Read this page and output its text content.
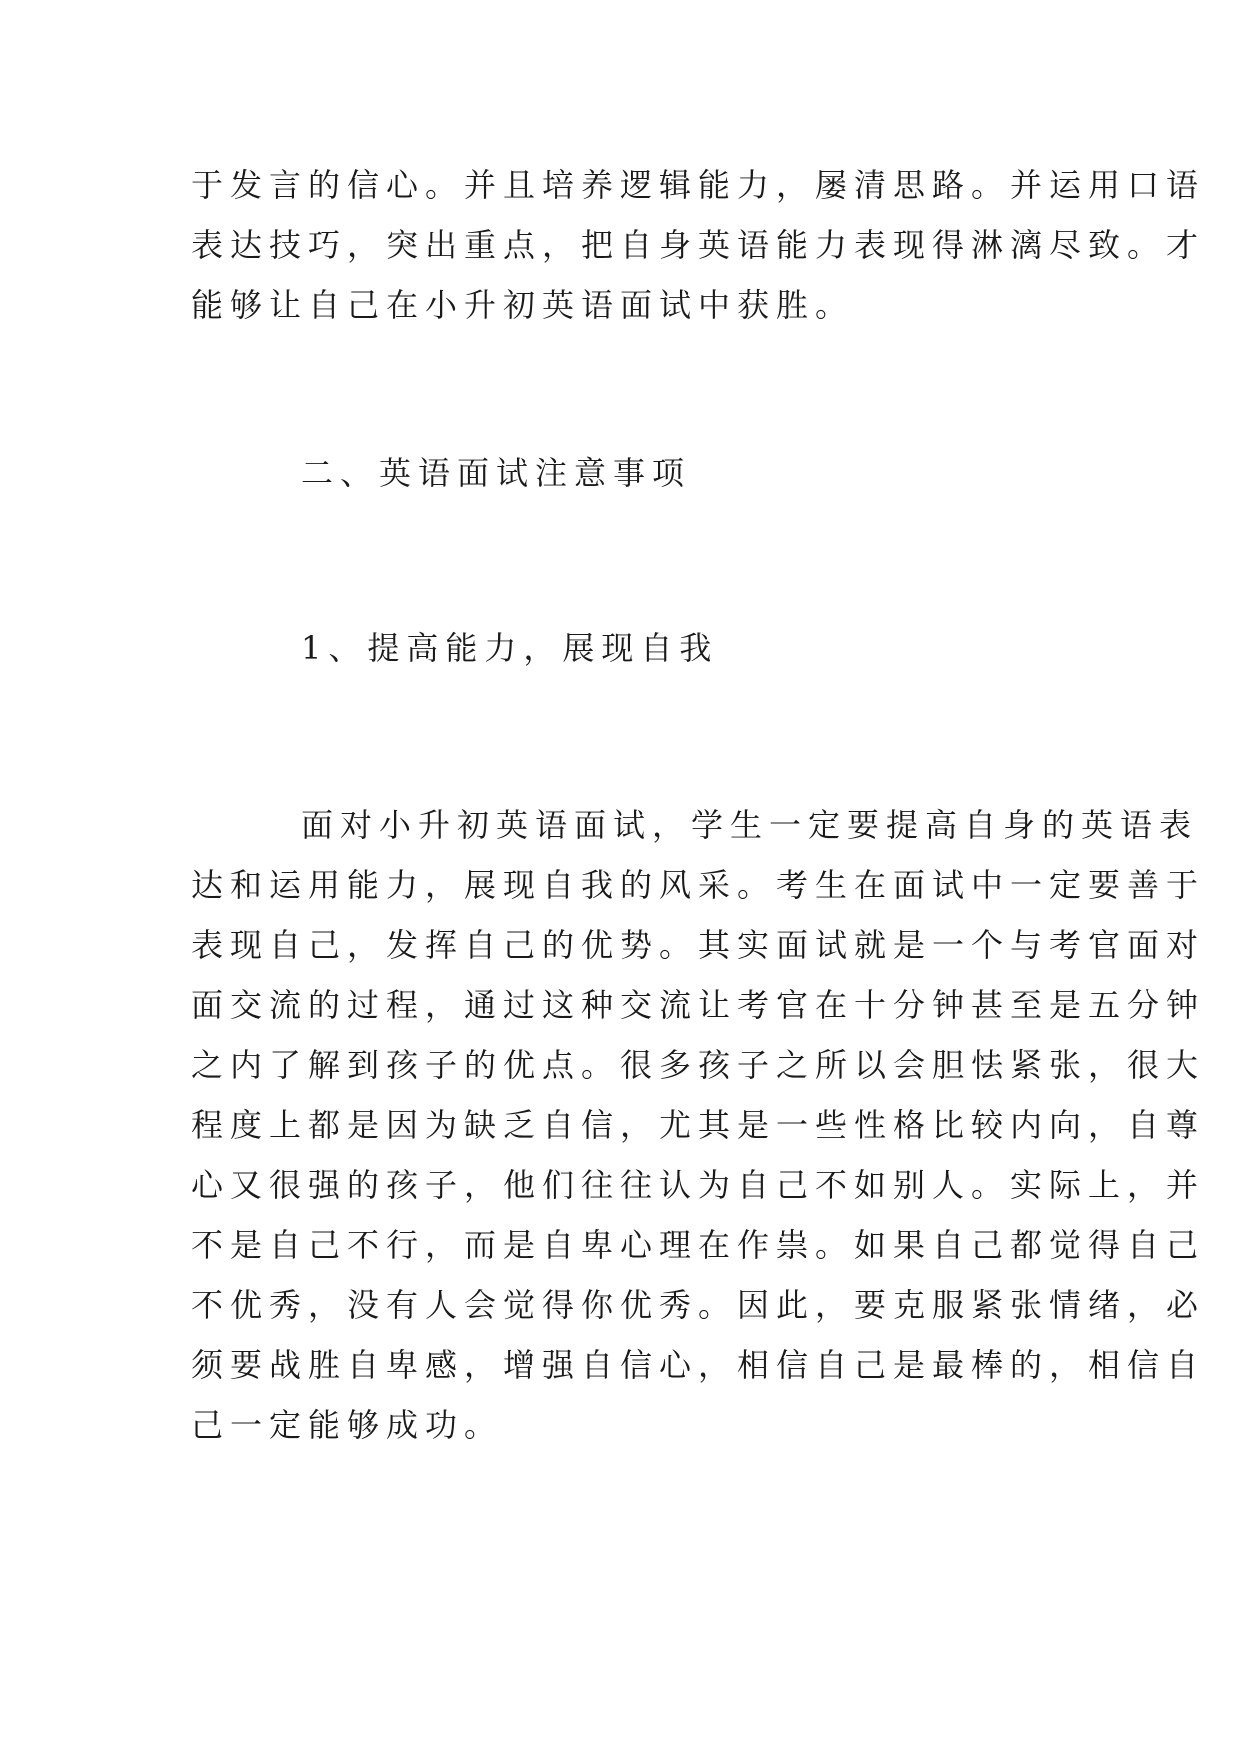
于发言的信心。并且培养逻辑能力，屡清思路。并运用口语

表达技巧，突出重点，把自身英语能力表现得淋漓尽致。才

能够让自己在小升初英语面试中获胜。

二、英语面试注意事项
1、提高能力，展现自我

面对小升初英语面试，学生一定要提高自身的英语表

达和运用能力，展现自我的风采。考生在面试中一定要善于

表现自己，发挥自己的优势。其实面试就是一个与考官面对

面交流的过程，通过这种交流让考官在十分钟甚至是五分钟

之内了解到孩子的优点。很多孩子之所以会胆怯紧张，很大

程度上都是因为缺乏自信，尤其是一些性格比较内向，自尊

心又很强的孩子，他们往往认为自己不如别人。实际上，并

不是自己不行，而是自卑心理在作祟。如果自己都觉得自己

不优秀，没有人会觉得你优秀。因此，要克服紧张情绪，必

须要战胜自卑感，增强自信心，相信自己是最棒的，相信自

己一定能够成功。
